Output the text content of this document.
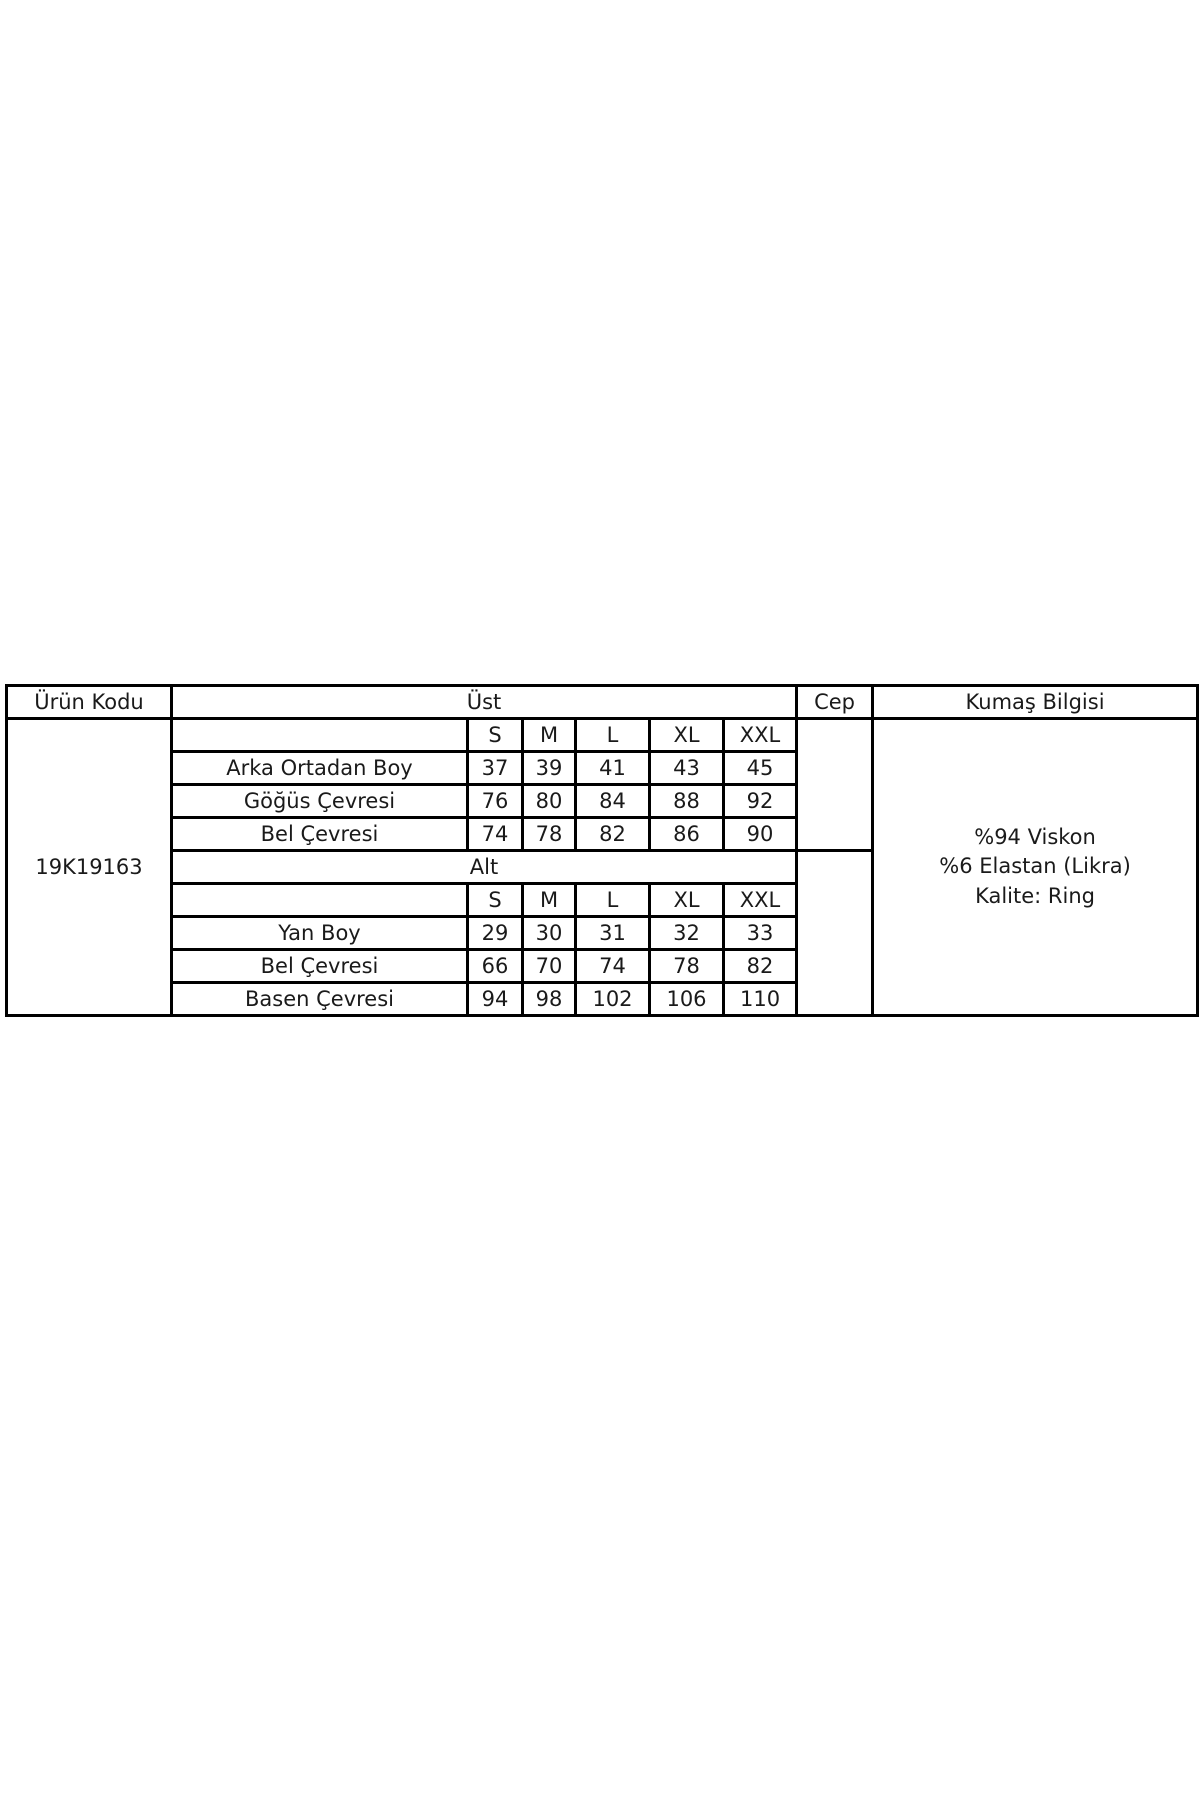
Ürün Kodu	Üst						Cep	Kumaş Bilgisi
19K19163		S	M	L	XL	XXL		%94 Viskon
%6 Elastan (Likra)
Kalite: Ring

	Arka Ortadan Boy	37	39	41	43	45		
	Göğüs Çevresi	76	80	84	88	92		
	Bel Çevresi	74	78	82	86	90		
	Alt							
		S	M	L	XL	XXL		
	Yan Boy	29	30	31	32	33		
	Bel Çevresi	66	70	74	78	82		
	Basen Çevresi	94	98	102	106	110		
